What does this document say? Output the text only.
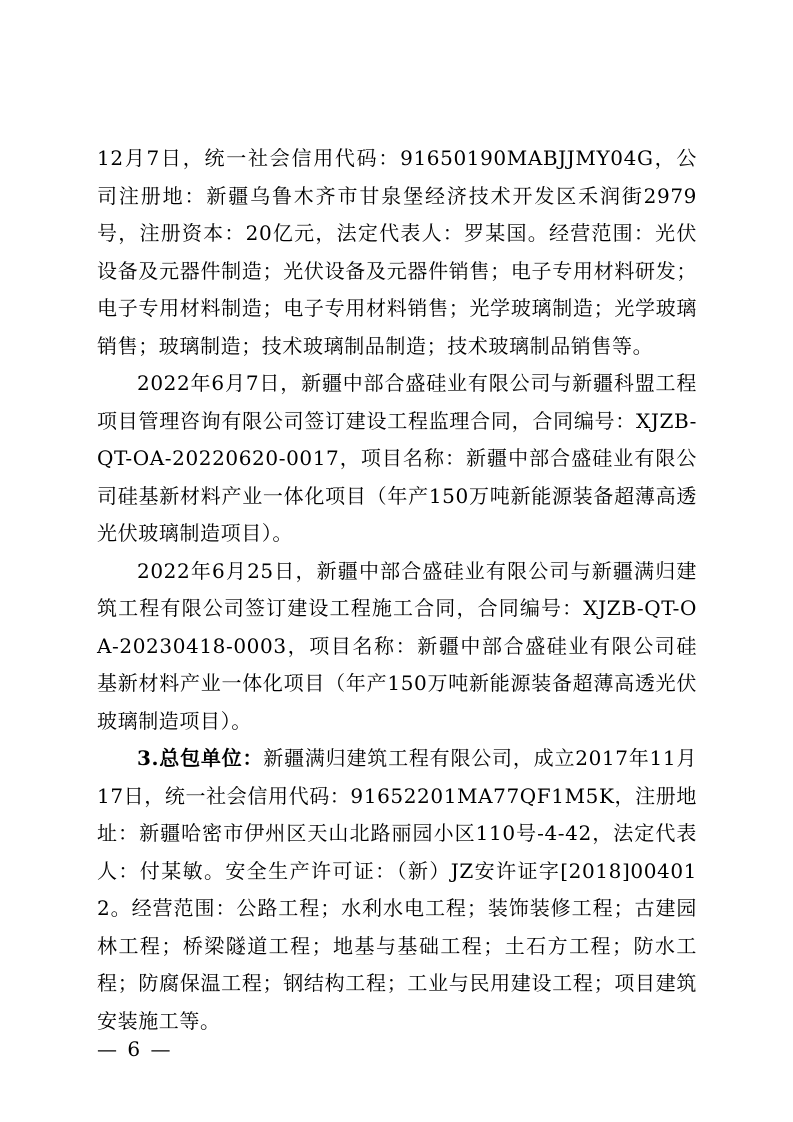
12月7日，统一社会信用代码：91650190MABJJMY04G，公司注册地：新疆乌鲁木齐市甘泉堡经济技术开发区禾润街2979号，注册资本：20亿元，法定代表人：罗某国。经营范围：光伏设备及元器件制造；光伏设备及元器件销售；电子专用材料研发；电子专用材料制造；电子专用材料销售；光学玻璃制造；光学玻璃销售；玻璃制造；技术玻璃制品制造；技术玻璃制品销售等。

2022年6月7日，新疆中部合盛硅业有限公司与新疆科盟工程项目管理咨询有限公司签订建设工程监理合同，合同编号：XJZB-QT-OA-20220620-0017，项目名称：新疆中部合盛硅业有限公司硅基新材料产业一体化项目（年产150万吨新能源装备超薄高透光伏玻璃制造项目）。

2022年6月25日，新疆中部合盛硅业有限公司与新疆满归建筑工程有限公司签订建设工程施工合同，合同编号：XJZB-QT-OA-20230418-0003，项目名称：新疆中部合盛硅业有限公司硅基新材料产业一体化项目（年产150万吨新能源装备超薄高透光伏玻璃制造项目）。

3.总包单位：新疆满归建筑工程有限公司，成立2017年11月17日，统一社会信用代码：91652201MA77QF1M5K，注册地址：新疆哈密市伊州区天山北路丽园小区110号-4-42，法定代表人：付某敏。安全生产许可证：（新）JZ安许证字[2018]004012。经营范围：公路工程；水利水电工程；装饰装修工程；古建园林工程；桥梁隧道工程；地基与基础工程；土石方工程；防水工程；防腐保温工程；钢结构工程；工业与民用建设工程；项目建筑安装施工等。

— 6 —
